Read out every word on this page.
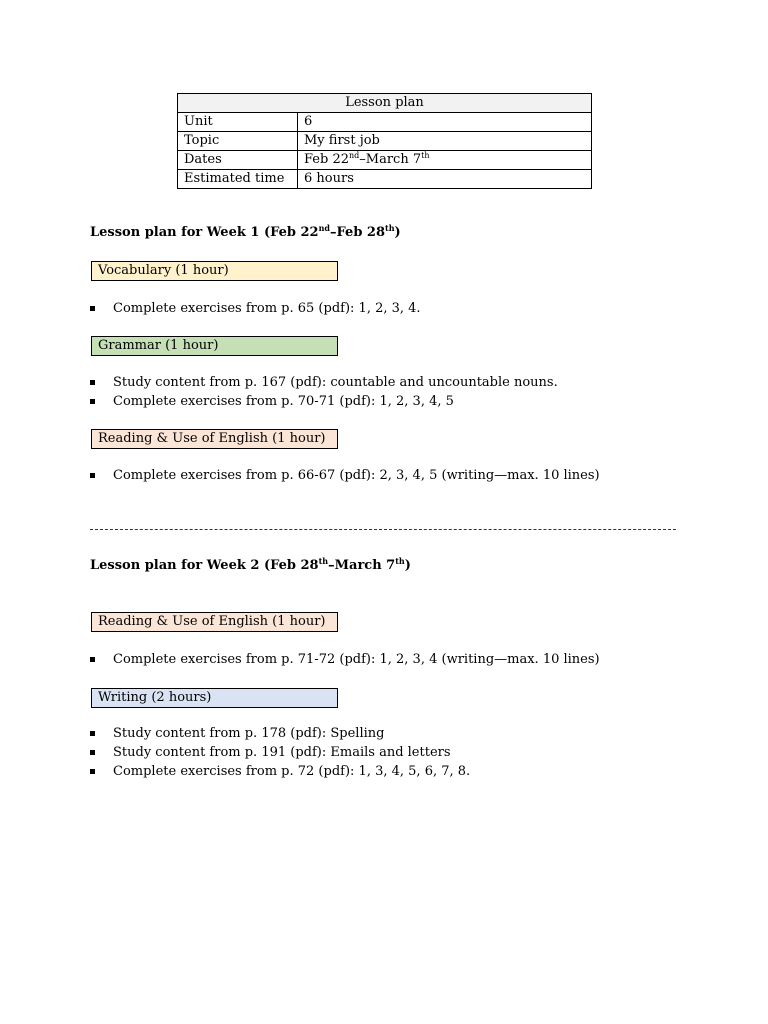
Lesson plan	
Unit	6
Topic	My first job
Dates	Feb 22nd–March 7th
Estimated time	6 hours
Lesson plan for Week 1 (Feb 22nd–Feb 28th)
Vocabulary (1 hour)
Complete exercises from p. 65 (pdf): 1, 2, 3, 4.
Grammar (1 hour)
Study content from p. 167 (pdf): countable and uncountable nouns.
Complete exercises from p. 70-71 (pdf): 1, 2, 3, 4, 5
Reading & Use of English (1 hour)
Complete exercises from p. 66-67 (pdf): 2, 3, 4, 5 (writing—max. 10 lines)
Lesson plan for Week 2 (Feb 28th–March 7th)
Reading & Use of English (1 hour)
Complete exercises from p. 71-72 (pdf): 1, 2, 3, 4 (writing—max. 10 lines)
Writing (2 hours)
Study content from p. 178 (pdf): Spelling
Study content from p. 191 (pdf): Emails and letters
Complete exercises from p. 72 (pdf): 1, 3, 4, 5, 6, 7, 8.
